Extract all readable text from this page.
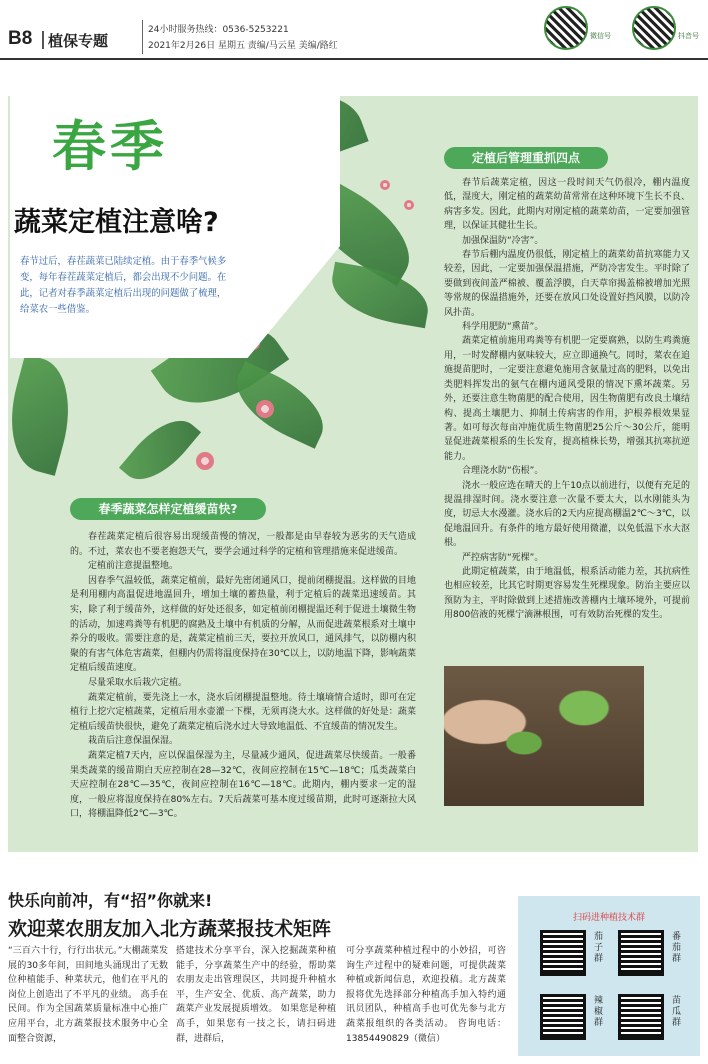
B8 植保专题
24小时服务热线：0536-5253221
2021年2月26日 星期五 责编/马云星 美编/路红
微信号	抖音号
春季
蔬菜定植注意啥?

春节过后，春茬蔬菜已陆续定植。由于春季气候多变，每年春茬蔬菜定植后，都会出现不少问题。在此，记者对春季蔬菜定植后出现的问题做了梳理，给菜农一些借鉴。

定植后管理重抓四点

春节后蔬菜定植，因这一段时间天气仍很冷，棚内温度低，湿度大，刚定植的蔬菜幼苗常常在这种环境下生长不良、病害多发。因此，此期内对刚定植的蔬菜幼苗，一定要加强管理，以保证其健壮生长。

加强保温防“冷害”。

春节后棚内温度仍很低，刚定植上的蔬菜幼苗抗寒能力又较差，因此，一定要加强保温措施，严防冷害发生。平时除了要做到夜间盖严棉被、覆盖浮膜，白天草帘揭盖棉被增加光照等常规的保温措施外，还要在放风口处设置好挡风膜，以防冷风扑苗。

科学用肥防“熏苗”。

蔬菜定植前施用鸡粪等有机肥一定要腐熟，以防生鸡粪施用，一时发酵棚内氨味较大，应立即通换气。同时，菜农在追施提苗肥时，一定要注意避免施用含氨量过高的肥料，以免出类肥料挥发出的氨气在棚内通风受限的情况下熏坏蔬菜。另外，还要注意生物菌肥的配合使用，因生物菌肥有改良土壤结构、提高土壤肥力、抑制土传病害的作用，护根养根效果显著。如可每次每亩冲施优质生物菌肥25公斤～30公斤，能明显促进蔬菜根系的生长发育，提高植株长势，增强其抗寒抗逆能力。

合理浇水防“伤根”。

浇水一般应选在晴天的上午10点以前进行，以便有充足的提温排湿时间。浇水要注意一次量不要太大，以水刚能头为度，切忌大水漫灌。浇水后的2天内应提高棚温2℃～3℃，以促地温回升。有条件的地方最好使用微灌，以免低温下水大沤根。

严控病害防“死棵”。

此期定植蔬菜，由于地温低，根系活动能力差，其抗病性也相应较差，比其它时期更容易发生死棵现象。防治主要应以预防为主，平时除做到上述措施改善棚内土壤环境外，可提前用800倍液的死棵宁滴淋根围，可有效防治死棵的发生。

春季蔬菜怎样定植缓苗快?

春茬蔬菜定植后很容易出现缓苗慢的情况，一般都是由早春较为恶劣的天气造成的。不过，菜农也不要老抱怨天气，要学会通过科学的定植和管理措施来促进缓苗。

定植前注意提温整地。

因春季气温较低，蔬菜定植前，最好先密闭通风口，提前闭棚提温。这样做的目地是利用棚内高温促进地温回升，增加土壤的蓄热量，利于定植后的蔬菜迅速缓苗。其实，除了利于缓苗外，这样做的好处还很多，如定植前闭棚提温还利于促进土壤微生物的活动，加速鸡粪等有机肥的腐熟及土壤中有机质的分解，从而促进蔬菜根系对土壤中养分的吸收。需要注意的是，蔬菜定植前三天，要拉开放风口，通风排气，以防棚内积聚的有害气体危害蔬菜，但棚内仍需将温度保持在30℃以上，以防地温下降，影响蔬菜定植后缓苗速度。

尽量采取水后栽穴定植。

蔬菜定植前，要先浇上一水，浇水后闭棚提温整地。待土壤墒情合适时，即可在定植行上挖穴定植蔬菜，定植后用水壶灌一下棵，无须再浇大水。这样做的好处是：蔬菜定植后缓苗快很快，避免了蔬菜定植后浇水过大导致地温低、不宜缓苗的情况发生。

栽苗后注意保温保湿。

蔬菜定植7天内，应以保温保湿为主，尽量减少通风，促进蔬菜尽快缓苗。一般番果类蔬菜的缓苗期白天应控制在28—32℃，夜间应控制在15℃—18℃；瓜类蔬菜白天应控制在28℃—35℃，夜间应控制在16℃—18℃。此期内，棚内要求一定的湿度，一般应将湿度保持在80%左右。7天后蔬菜可基本度过缓苗期，此时可逐渐拉大风口，将棚温降低2℃—3℃。

快乐向前冲，有“招”你就来!
欢迎菜农朋友加入北方蔬菜报技术矩阵
“三百六十行，行行出状元。”大棚蔬菜发展的30多年间，田间地头涌现出了无数位种植能手、种菜状元，他们在平凡的岗位上创造出了不平凡的业绩。 高手在民间。作为全国蔬菜质量标准中心推广应用平台，北方蔬菜报技术服务中心全面整合资源，
搭建技术分享平台，深入挖掘蔬菜种植能手，分享蔬菜生产中的经验，帮助菜农朋友走出管理误区，共同提升种植水平，生产安全、优质、高产蔬菜，助力蔬菜产业发展提质增效。 如果您是种植高手，如果您有一技之长，请扫码进群，进群后，
可分享蔬菜种植过程中的小妙招，可咨询生产过程中的疑难问题，可提供蔬菜种植或新闻信息，欢迎投稿。北方蔬菜报将优先选择部分种植高手加入特约通讯员团队，种植高手也可优先参与北方蔬菜报组织的各类活动。 咨询电话：13854490829（微信）
扫码进种植技术群
茄子群
番茄群
辣椒群
苗瓜群
